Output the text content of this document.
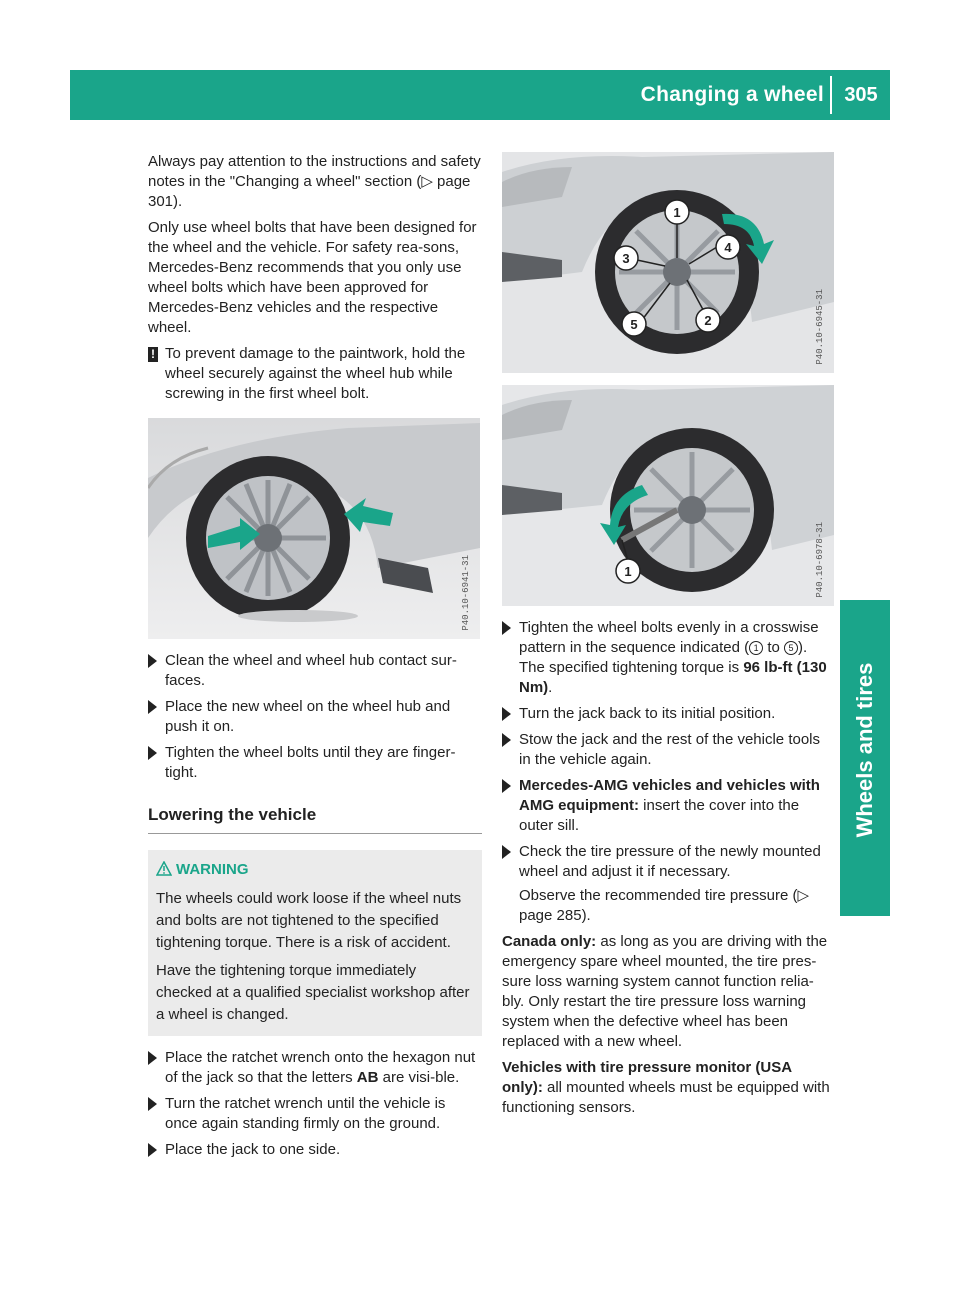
Changing a wheel	305
Wheels and tires

Always pay attention to the instructions and safety notes in the "Changing a wheel" section (▷ page 301).

Only use wheel bolts that have been designed for the wheel and the vehicle. For safety rea-sons, Mercedes-Benz recommends that you only use wheel bolts which have been approved for Mercedes-Benz vehicles and the respective wheel.

! To prevent damage to the paintwork, hold the wheel securely against the wheel hub while screwing in the first wheel bolt.
P40.10-6941-31
Clean the wheel and wheel hub contact sur-faces.
Place the new wheel on the wheel hub and push it on.
Tighten the wheel bolts until they are finger-tight.
Lowering the vehicle
WARNING

The wheels could work loose if the wheel nuts and bolts are not tightened to the specified tightening torque. There is a risk of accident.

Have the tightening torque immediately checked at a qualified specialist workshop after a wheel is changed.

Place the ratchet wrench onto the hexagon nut of the jack so that the letters AB are visi-ble.
Turn the ratchet wrench until the vehicle is once again standing firmly on the ground.
Place the jack to one side.
1
2
3
4
5	P40.10-6945-31
1	P40.10-6978-31
Tighten the wheel bolts evenly in a crosswise pattern in the sequence indicated ( 1 to 5 ). The specified tightening torque is 96 lb-ft (130 Nm).
Turn the jack back to its initial position.
Stow the jack and the rest of the vehicle tools in the vehicle again.
Mercedes-AMG vehicles and vehicles with AMG equipment: insert the cover into the outer sill.
Check the tire pressure of the newly mounted wheel and adjust it if necessary.
Observe the recommended tire pressure (▷ page 285).

Canada only: as long as you are driving with the emergency spare wheel mounted, the tire pres-sure loss warning system cannot function relia-bly. Only restart the tire pressure loss warning system when the defective wheel has been replaced with a new wheel.

Vehicles with tire pressure monitor (USA only): all mounted wheels must be equipped with functioning sensors.
